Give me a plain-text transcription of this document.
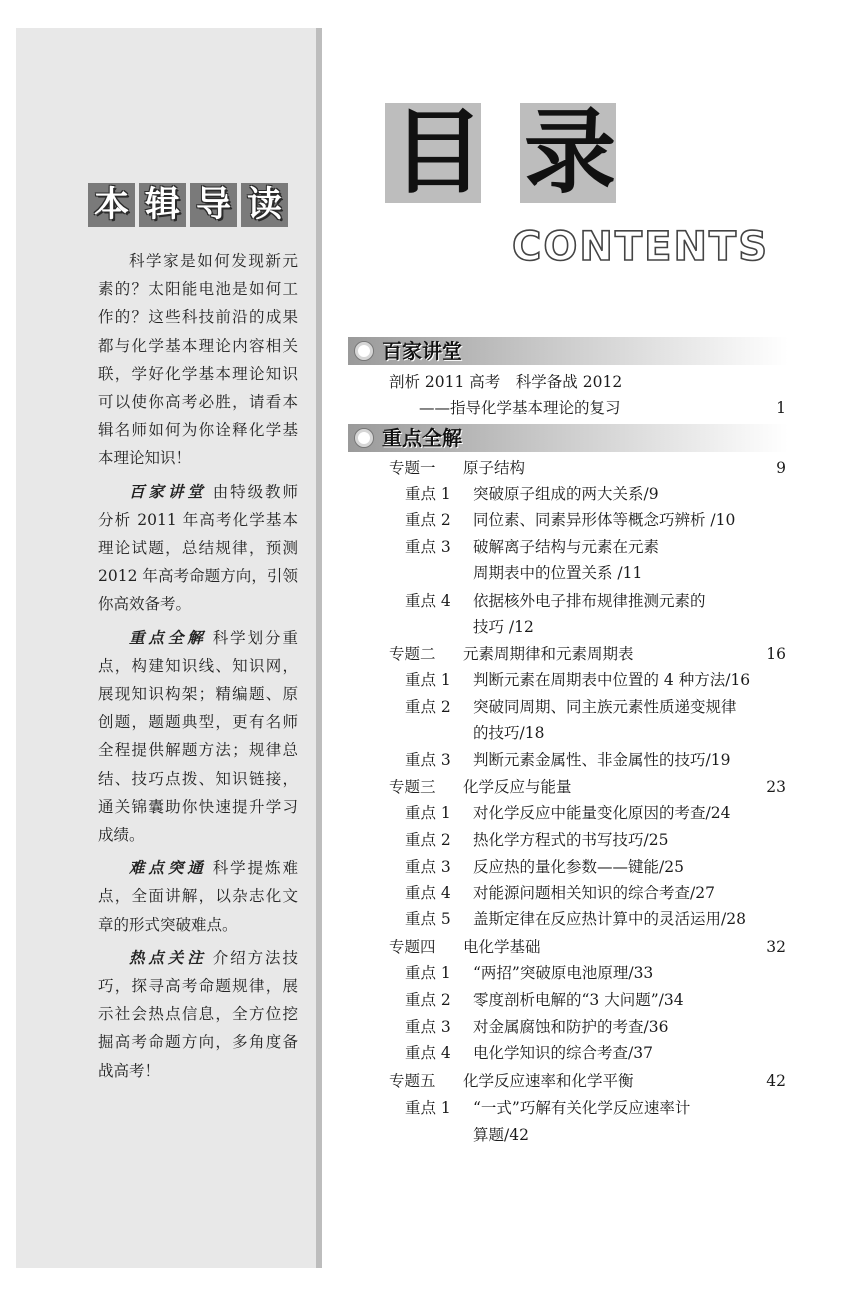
本 辑 导 读

科学家是如何发现新元素的？太阳能电池是如何工作的？这些科技前沿的成果都与化学基本理论内容相关联，学好化学基本理论知识可以使你高考必胜，请看本辑名师如何为你诠释化学基本理论知识！

百家讲堂 由特级教师分析 2011 年高考化学基本理论试题，总结规律，预测 2012 年高考命题方向，引领你高效备考。

重点全解 科学划分重点，构建知识线、知识网，展现知识构架；精编题、原创题，题题典型，更有名师全程提供解题方法；规律总结、技巧点拨、知识链接，通关锦囊助你快速提升学习成绩。

难点突通 科学提炼难点，全面讲解，以杂志化文章的形式突破难点。

热点关注 介绍方法技巧，探寻高考命题规律，展示社会热点信息，全方位挖掘高考命题方向，多角度备战高考！

目 录
CONTENTS
百家讲堂
剖析 2011 高考　科学备战 2012
——指导化学基本理论的复习	1
重点全解
专题一 原子结构	9
重点 1 突破原子组成的两大关系/9
重点 2 同位素、同素异形体等概念巧辨析 /10
重点 3 破解离子结构与元素在元素
周期表中的位置关系 /11
重点 4 依据核外电子排布规律推测元素的
技巧 /12
专题二 元素周期律和元素周期表	16
重点 1 判断元素在周期表中位置的 4 种方法/16
重点 2 突破同周期、同主族元素性质递变规律
的技巧/18
重点 3 判断元素金属性、非金属性的技巧/19
专题三 化学反应与能量	23
重点 1 对化学反应中能量变化原因的考查/24
重点 2 热化学方程式的书写技巧/25
重点 3 反应热的量化参数——键能/25
重点 4 对能源问题相关知识的综合考查/27
重点 5 盖斯定律在反应热计算中的灵活运用/28
专题四 电化学基础	32
重点 1 “两招”突破原电池原理/33
重点 2 零度剖析电解的“3 大问题”/34
重点 3 对金属腐蚀和防护的考查/36
重点 4 电化学知识的综合考查/37
专题五 化学反应速率和化学平衡	42
重点 1 “一式”巧解有关化学反应速率计
算题/42
